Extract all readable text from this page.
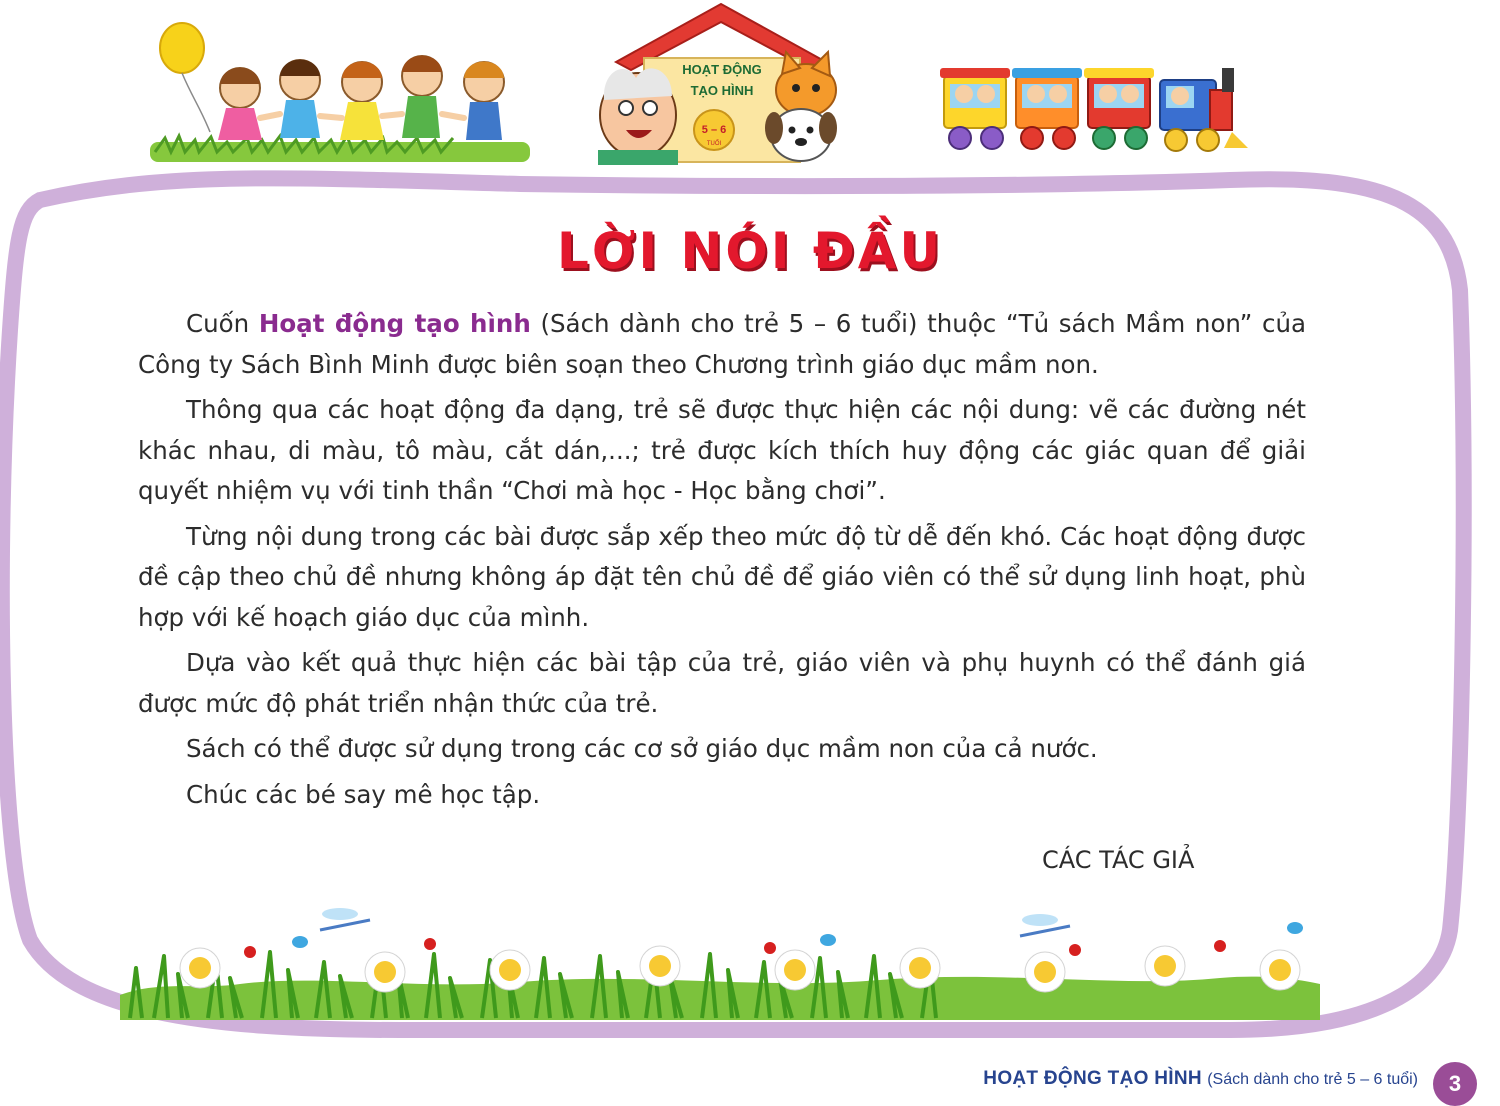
HOẠT ĐỘNG
TẠO HÌNH
5 – 6
TUỔI
LỜI NÓI ĐẦU

Cuốn Hoạt động tạo hình (Sách dành cho trẻ 5 – 6 tuổi) thuộc “Tủ sách Mầm non” của Công ty Sách Bình Minh được biên soạn theo Chương trình giáo dục mầm non.

Thông qua các hoạt động đa dạng, trẻ sẽ được thực hiện các nội dung: vẽ các đường nét khác nhau, di màu, tô màu, cắt dán,...; trẻ được kích thích huy động các giác quan để giải quyết nhiệm vụ với tinh thần “Chơi mà học - Học bằng chơi”.

Từng nội dung trong các bài được sắp xếp theo mức độ từ dễ đến khó. Các hoạt động được đề cập theo chủ đề nhưng không áp đặt tên chủ đề để giáo viên có thể sử dụng linh hoạt, phù hợp với kế hoạch giáo dục của mình.

Dựa vào kết quả thực hiện các bài tập của trẻ, giáo viên và phụ huynh có thể đánh giá được mức độ phát triển nhận thức của trẻ.

Sách có thể được sử dụng trong các cơ sở giáo dục mầm non của cả nước.

Chúc các bé say mê học tập.

CÁC TÁC GIẢ
HOẠT ĐỘNG TẠO HÌNH (Sách dành cho trẻ 5 – 6 tuổi)	3
